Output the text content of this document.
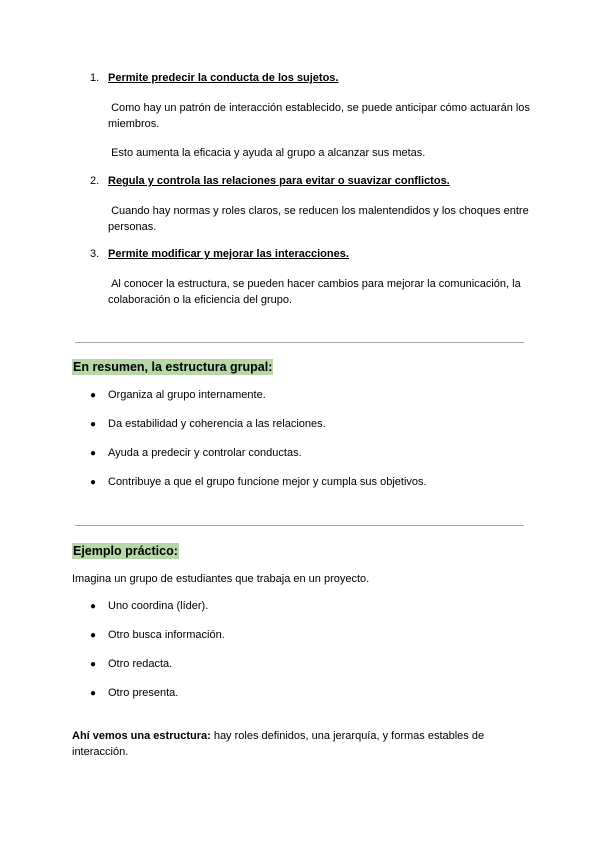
1. Permite predecir la conducta de los sujetos.
Como hay un patrón de interacción establecido, se puede anticipar cómo actuarán los miembros.
Esto aumenta la eficacia y ayuda al grupo a alcanzar sus metas.
2. Regula y controla las relaciones para evitar o suavizar conflictos.
Cuando hay normas y roles claros, se reducen los malentendidos y los choques entre personas.
3. Permite modificar y mejorar las interacciones.
Al conocer la estructura, se pueden hacer cambios para mejorar la comunicación, la colaboración o la eficiencia del grupo.
En resumen, la estructura grupal:
● Organiza al grupo internamente.
● Da estabilidad y coherencia a las relaciones.
● Ayuda a predecir y controlar conductas.
● Contribuye a que el grupo funcione mejor y cumpla sus objetivos.
Ejemplo práctico:
Imagina un grupo de estudiantes que trabaja en un proyecto.
● Uno coordina (líder).
● Otro busca información.
● Otro redacta.
● Otro presenta.
Ahí vemos una estructura: hay roles definidos, una jerarquía, y formas estables de interacción.
